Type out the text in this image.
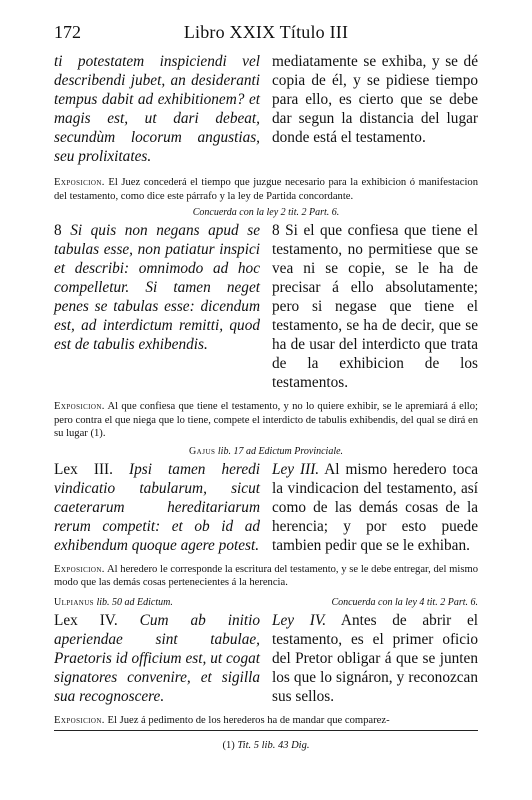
172	Libro XXIX Título III
ti potestatem inspiciendi vel describendi jubet, an desideranti tempus dabit ad exhibitionem? et magis est, ut dari debeat, secundùm locorum angustias, seu prolixitates.
mediatamente se exhiba, y se dé copia de él, y se pidiese tiempo para ello, es cierto que se debe dar segun la distancia del lugar donde está el testamento.
Exposicion. El Juez concederá el tiempo que juzgue necesario para la exhibicion ó manifestacion del testamento, como dice este párrafo y la ley de Partida concordante.
Concuerda con la ley 2 tit. 2 Part. 6.
8 Si quis non negans apud se tabulas esse, non patiatur inspici et describi: omnimodo ad hoc compelletur. Si tamen neget penes se tabulas esse: dicendum est, ad interdictum remitti, quod est de tabulis exhibendis.
8 Si el que confiesa que tiene el testamento, no permitiese que se vea ni se copie, se le ha de precisar á ello absolutamente; pero si negase que tiene el testamento, se ha de decir, que se ha de usar del interdicto que trata de la exhibicion de los testamentos.
Exposicion. Al que confiesa que tiene el testamento, y no lo quiere exhibir, se le apremiará á ello; pero contra el que niega que lo tiene, compete el interdicto de tabulis exhibendis, del qual se dirá en su lugar (1).
Gajus lib. 17 ad Edictum Provinciale.
Lex III. Ipsi tamen heredi vindicatio tabularum, sicut caeterarum hereditariarum rerum competit: et ob id ad exhibendum quoque agere potest.
Ley III. Al mismo heredero toca la vindicacion del testamento, así como de las demás cosas de la herencia; y por esto puede tambien pedir que se le exhiban.
Exposicion. Al heredero le corresponde la escritura del testamento, y se le debe entregar, del mismo modo que las demás cosas pertenecientes á la herencia.
Ulpianus lib. 50 ad Edictum.	Concuerda con la ley 4 tit. 2 Part. 6.
Lex IV. Cum ab initio aperiendae sint tabulae, Praetoris id officium est, ut cogat signatores convenire, et sigilla sua recognoscere.
Ley IV. Antes de abrir el testamento, es el primer oficio del Pretor obligar á que se junten los que lo signáron, y reconozcan sus sellos.
Exposicion. El Juez á pedimento de los herederos ha de mandar que comparez-
(1) Tit. 5 lib. 43 Dig.
